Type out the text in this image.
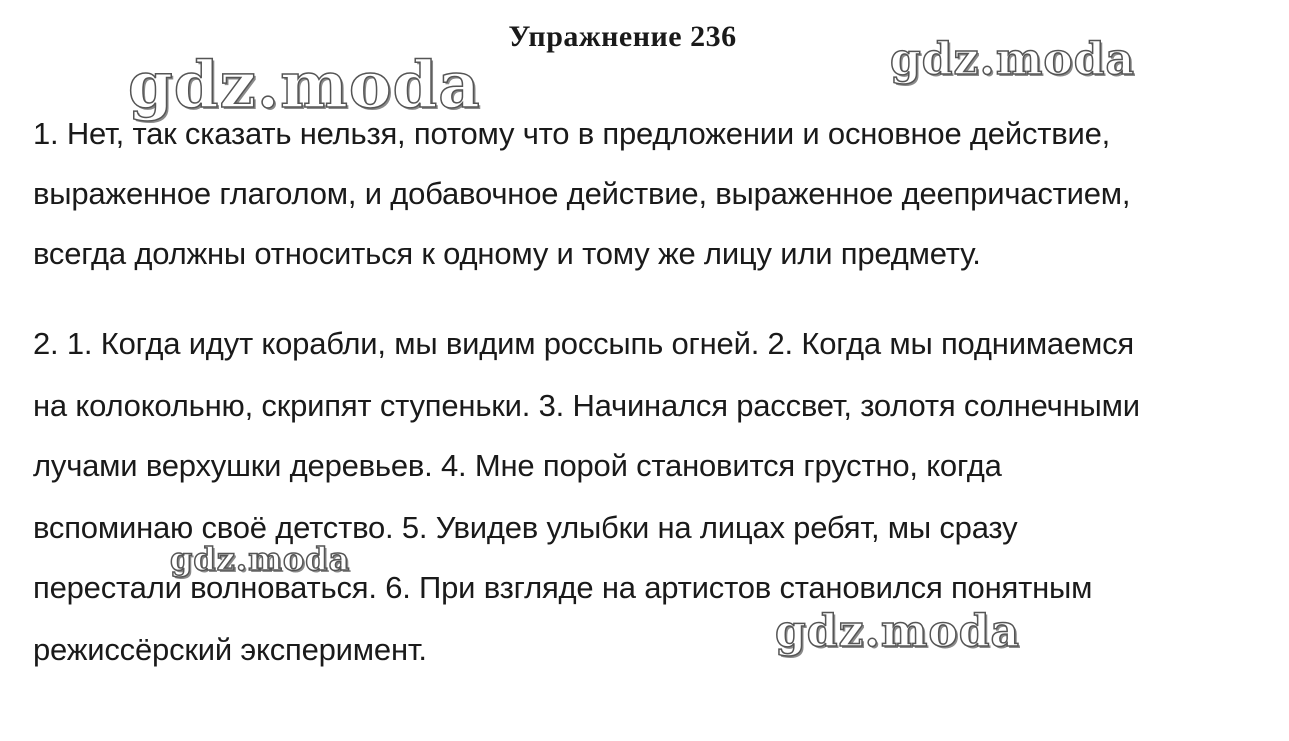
Упражнение 236
1. Нет, так сказать нельзя, потому что в предложении и основное действие,
выраженное глаголом, и добавочное действие, выраженное деепричастием,
всегда должны относиться к одному и тому же лицу или предмету.
2. 1. Когда идут корабли, мы видим россыпь огней. 2. Когда мы поднимаемся
на колокольню, скрипят ступеньки. 3. Начинался рассвет, золотя солнечными
лучами верхушки деревьев. 4. Мне порой становится грустно, когда
вспоминаю своё детство. 5. Увидев улыбки на лицах ребят, мы сразу
перестали волноваться. 6. При взгляде на артистов становился понятным
режиссёрский эксперимент.
gdz.moda	gdz.moda
gdz.moda
gdz.moda
